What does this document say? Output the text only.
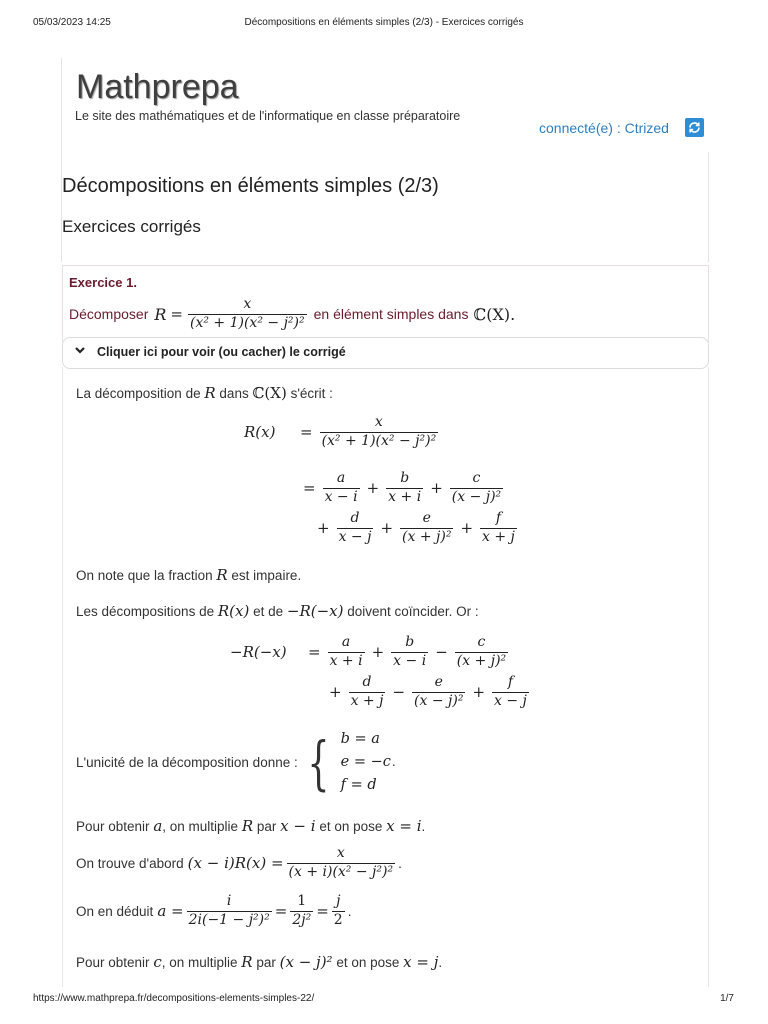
05/03/2023 14:25	Décompositions en éléments simples (2/3) - Exercices corrigés
https://www.mathprepa.fr/decompositions-elements-simples-22/	1/7
Mathprepa
Le site des mathématiques et de l'informatique en classe préparatoire
connecté(e) : Ctrized
Décompositions en éléments simples (2/3)
Exercices corrigés
Exercice 1.
Décomposer $R = \frac{x}{\text{(x² + 1)(x² − j²)²}}$ en élément simples dans ℂ(X).
Cliquer ici pour voir (ou cacher) le corrigé
La décomposition de R dans ℂ(X) s'écrit :
R(x)	= $\frac{x}{\text{(x² + 1)(x² − j²)²}}$
= $\frac{a}{x - i} + \frac{b}{x + i} + \frac{c}{\text{(x − j)²}}$
+ $\frac{d}{x - j} + \frac{e}{\text{(x + j)²}} + \frac{f}{x + j}$
On note que la fraction R est impaire.
Les décompositions de R(x) et de −R(−x) doivent coïncider. Or :
−R(−x)	= $\frac{a}{x + i} + \frac{b}{x - i} - \frac{c}{\text{(x + j)²}}$
+ $\frac{d}{x + j} - \frac{e}{\text{(x − j)²}} + \frac{f}{x - j}$
L'unicité de la décomposition donne : { b = a
e = −c
f = d
.
Pour obtenir a, on multiplie R par x − i et on pose x = i.
On trouve d'abord $(x - i)R(x) = \frac{x}{\text{(x + i)(x² − j²)²}}$ .
On en déduit $a = \frac{i}{\text{2i(−1 − j²)²}} = \frac{1}{\text{2j²}} = \frac{j}{2}$ .
Pour obtenir c, on multiplie R par (x − j)² et on pose x = j.
